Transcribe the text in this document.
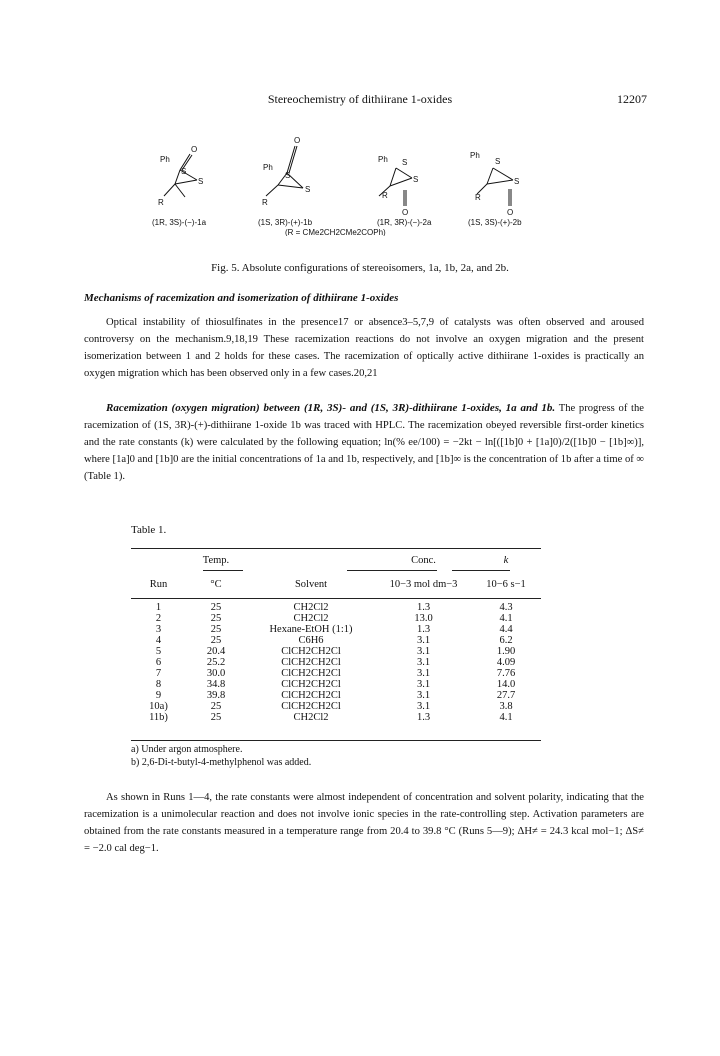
Stereochemistry of dithiirane 1-oxides	12207
O
Ph
S
S
R
O
Ph
S
S
R
Ph S
S
R
O
Ph
S
S
R
O
(1R, 3S)-(−)-1a	(1S, 3R)-(+)-1b	(1R, 3R)-(−)-2a	(1S, 3S)-(+)-2b
(R = CMe2CH2CMe2COPh)
Fig. 5. Absolute configurations of stereoisomers, 1a, 1b, 2a, and 2b.
Mechanisms of racemization and isomerization of dithiirane 1-oxides

Optical instability of thiosulfinates in the presence17 or absence3–5,7,9 of catalysts was often observed and aroused controversy on the mechanism.9,18,19 These racemization reactions do not involve an oxygen migration and the present isomerization between 1 and 2 holds for these cases. The racemization of optically active dithiirane 1-oxides is practically an oxygen migration which has been observed only in a few cases.20,21

Racemization (oxygen migration) between (1R, 3S)- and (1S, 3R)-dithiirane 1-oxides, 1a and 1b. The progress of the racemization of (1S, 3R)-(+)-dithiirane 1-oxide 1b was traced with HPLC. The racemization obeyed reversible first-order kinetics and the rate constants (k) were calculated by the following equation; ln(% ee/100) = −2kt − ln[([1b]0 + [1a]0)/2([1b]0 − [1b]∞)], where [1a]0 and [1b]0 are the initial concentrations of 1a and 1b, respectively, and [1b]∞ is the concentration of 1b after a time of ∞ (Table 1).

Table 1.
	Temp.		Conc.	k
Run	°C	Solvent	10−3 mol dm−3	10−6 s−1
1	25	CH2Cl2	1.3	4.3
2	25	CH2Cl2	13.0	4.1
3	25	Hexane-EtOH (1:1)	1.3	4.4
4	25	C6H6	3.1	6.2
5	20.4	ClCH2CH2Cl	3.1	1.90
6	25.2	ClCH2CH2Cl	3.1	4.09
7	30.0	ClCH2CH2Cl	3.1	7.76
8	34.8	ClCH2CH2Cl	3.1	14.0
9	39.8	ClCH2CH2Cl	3.1	27.7
10a)	25	ClCH2CH2Cl	3.1	3.8
11b)	25	CH2Cl2	1.3	4.1
a) Under argon atmosphere.
b) 2,6-Di-t-butyl-4-methylphenol was added.

As shown in Runs 1—4, the rate constants were almost independent of concentration and solvent polarity, indicating that the racemization is a unimolecular reaction and does not involve ionic species in the rate-controlling step. Activation parameters are obtained from the rate constants measured in a temperature range from 20.4 to 39.8 °C (Runs 5—9); ΔH≠ = 24.3 kcal mol−1; ΔS≠ = −2.0 cal deg−1.
